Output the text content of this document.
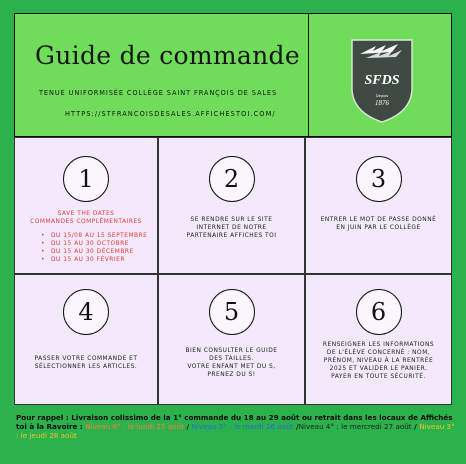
Guide de commande
TENUE UNIFORMISÉE COLLÈGE SAINT FRANÇOIS DE SALES
HTTPS://STFRANCOISDESALES.AFFICHESTOI.COM/
SFDS
Depuis
1876
1
SAVE THE DATES
COMMANDES COMPLÉMENTAIRES
• DU 15/08 AU 15 SEPTEMBRE
• DU 15 AU 30 OCTOBRE
• DU 15 AU 30 DÉCEMBRE
• DU 15 AU 30 FÉVRIER
2
SE RENDRE SUR LE SITE
INTERNET DE NOTRE
PARTENAIRE AFFICHES TOI
3
ENTRER LE MOT DE PASSE DONNÉ
EN JUIN PAR LE COLLÈGE
4
PASSER VOTRE COMMANDE ET
SÉLECTIONNER LES ARTICLES.
5
BIEN CONSULTER LE GUIDE
DES TAILLES.
VOTRE ENFANT MET DU S,
PRENEZ DU S!
6
RENSEIGNER LES INFORMATIONS
DE L'ÉLÈVE CONCERNÉ : NOM,
PRÉNOM, NIVEAU À LA RENTRÉE
2025 ET VALIDER LE PANIER.
PAYER EN TOUTE SÉCURITÉ.
Pour rappel : Livraison colissimo de la 1° commande du 18 au 29 août ou retrait dans les locaux de Affichés toi à la Ravoire : Niveau 6° : le lundi 25 août / Niveau 5° : le mardi 26 août /Niveau 4° : le mercredi 27 août / Niveau 3° : le jeudi 28 août
